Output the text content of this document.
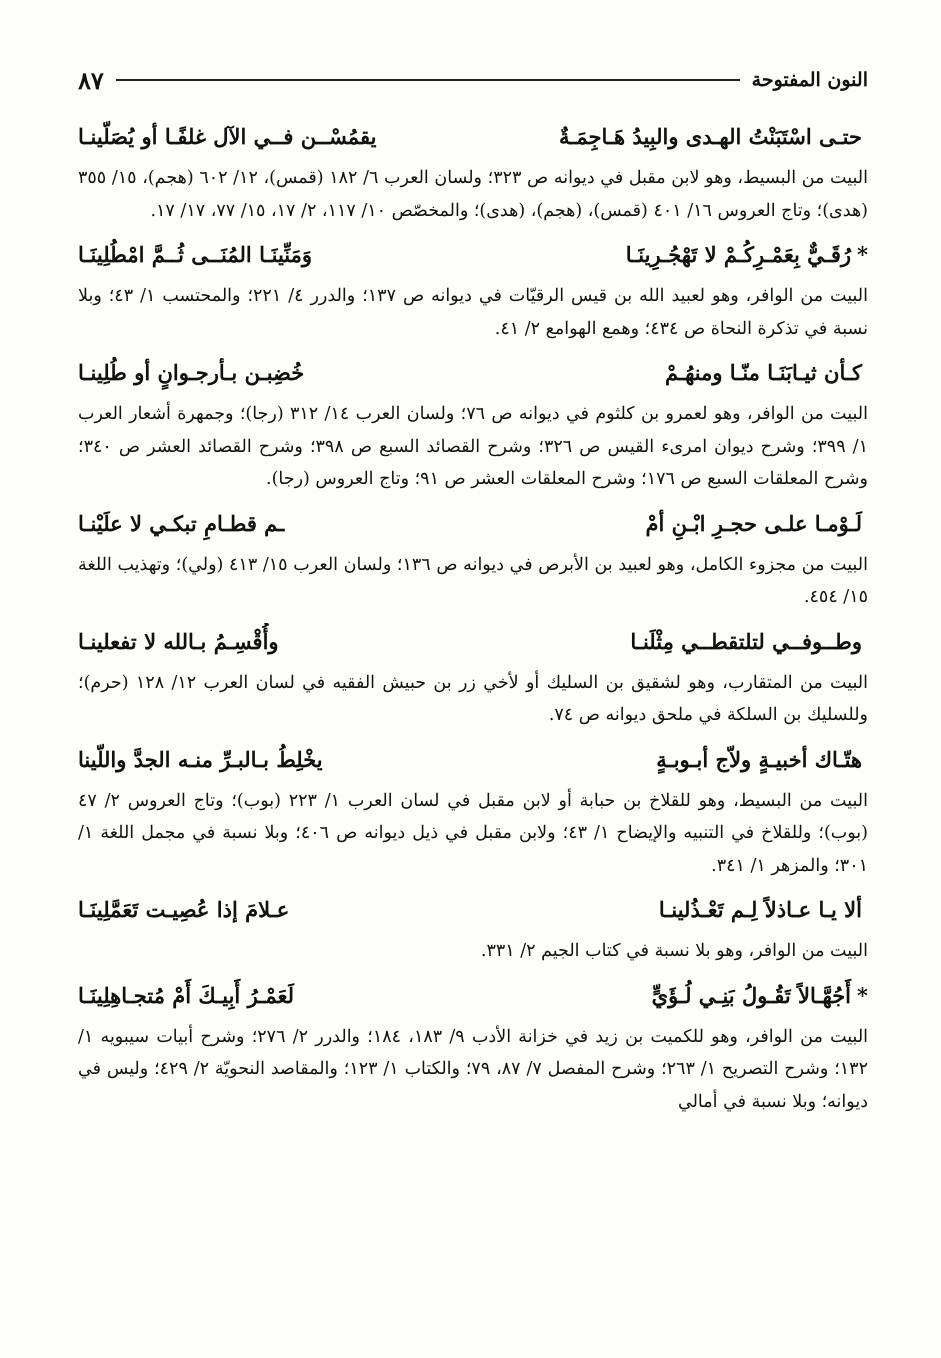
النون المفتوحة
٨٧
حتـى اسْتَبَنْتُ الهـدى والبِيدُ هَـاجِمَـةٌ
يقمُسْــن فــي الآل غلفًـا أو يُصَلّينـا

البيت من البسيط، وهو لابن مقبل في ديوانه ص ٣٢٣؛ ولسان العرب ٦/ ١٨٢ (قمس)، ١٢/ ٦٠٢ (هجم)، ١٥/ ٣٥٥ (هدى)؛ وتاج العروس ١٦/ ٤٠١ (قمس)، (هجم)، (هدى)؛ والمخصّص ١٠/ ١١٧، ٢/ ١٧، ١٥/ ٧٧، ١٧/ ١٧.

*
رُقَـيٌّ بِعَمْـرِكُـمْ لا تَهْجُـرِينَـا
وَمَنِّينَـا المُنَــى ثُــمَّ امْطُلِينَـا

البيت من الوافر، وهو لعبيد الله بن قيس الرقيّات في ديوانه ص ١٣٧؛ والدرر ٤/ ٢٢١؛ والمحتسب ١/ ٤٣؛ وبلا نسبة في تذكرة النحاة ص ٤٣٤؛ وهمع الهوامع ٢/ ٤١.

كـأن ثيـابَنَـا منّـا ومنهُـمْ
خُضِبـن بـأرجـوانٍ أو طُلِينـا

البيت من الوافر، وهو لعمرو بن كلثوم في ديوانه ص ٧٦؛ ولسان العرب ١٤/ ٣١٢ (رجا)؛ وجمهرة أشعار العرب ١/ ٣٩٩؛ وشرح ديوان امرىء القيس ص ٣٢٦؛ وشرح القصائد السبع ص ٣٩٨؛ وشرح القصائد العشر ص ٣٤٠؛ وشرح المعلقات السبع ص ١٧٦؛ وشرح المعلقات العشر ص ٩١؛ وتاج العروس (رجا).

لَـوْمـا علـى حجـرِ ابْـنِ أمْ
ـم قطـامِ تبكـي لا علَيْنـا

البيت من مجزوء الكامل، وهو لعبيد بن الأبرص في ديوانه ص ١٣٦؛ ولسان العرب ١٥/ ٤١٣ (ولي)؛ وتهذيب اللغة ١٥/ ٤٥٤.

وطــوفــي لتلتقطــي مِثْلَنـا
وأُقْسِـمُ بـالله لا تفعلينـا

البيت من المتقارب، وهو لشقيق بن السليك أو لأخي زر بن حبيش الفقيه في لسان العرب ١٢/ ١٢٨ (حرم)؛ وللسليك بن السلكة في ملحق ديوانه ص ٧٤.

هتّـاك أخبيـةٍ ولاّج أبـوبـةٍ
يخْلِطُ بـالبـرِّ منـه الجدَّ واللّينا

البيت من البسيط، وهو للقلاخ بن حبابة أو لابن مقبل في لسان العرب ١/ ٢٢٣ (بوب)؛ وتاج العروس ٢/ ٤٧ (بوب)؛ وللقلاخ في التنبيه والإيضاح ١/ ٤٣؛ ولابن مقبل في ذيل ديوانه ص ٤٠٦؛ وبلا نسبة في مجمل اللغة ١/ ٣٠١؛ والمزهر ١/ ٣٤١.

ألا يـا عـاذلاً لِـم تَعْـذُلينـا
عـلامَ إذا عُصِيـت تَعَمَّلِينَـا

البيت من الوافر، وهو بلا نسبة في كتاب الجيم ٢/ ٣٣١.

*
أَجُهَّـالاً تَقُـولُ بَنِـي لُـؤَيٍّ
لَعَمْـرُ أَبِيـكَ أَمْ مُتجـاهِلِينَـا

البيت من الوافر، وهو للكميت بن زيد في خزانة الأدب ٩/ ١٨٣، ١٨٤؛ والدرر ٢/ ٢٧٦؛ وشرح أبيات سيبويه ١/ ١٣٢؛ وشرح التصريح ١/ ٢٦٣؛ وشرح المفصل ٧/ ٨٧، ٧٩؛ والكتاب ١/ ١٢٣؛ والمقاصد النحويّة ٢/ ٤٢٩؛ وليس في ديوانه؛ وبلا نسبة في أمالي
